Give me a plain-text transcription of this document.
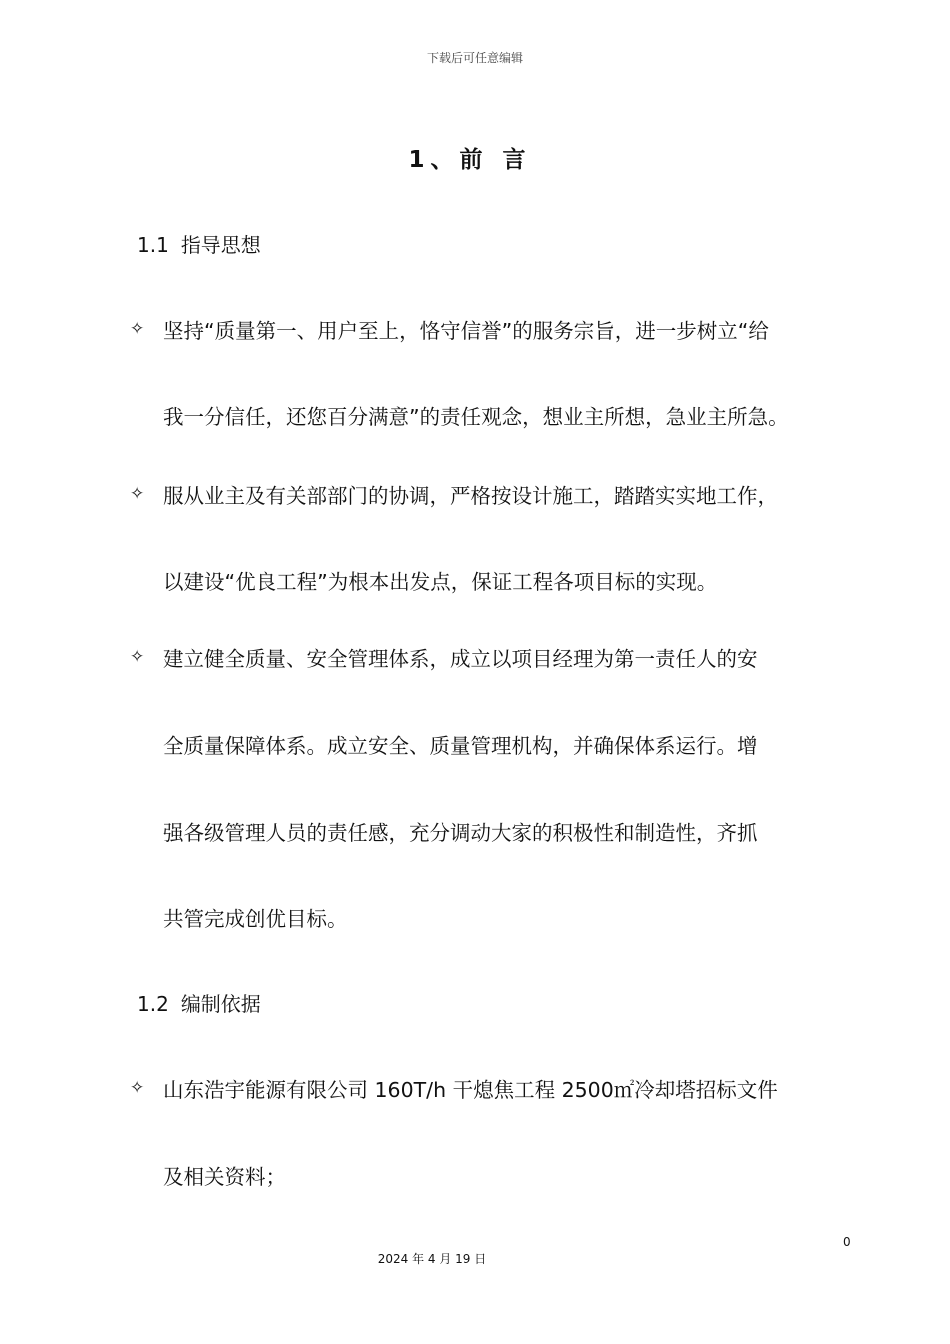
下载后可任意编辑
1、前 言
1.1 指导思想
✧ 坚持“质量第一、用户至上，恪守信誉”的服务宗旨，进一步树立“给
我一分信任，还您百分满意”的责任观念，想业主所想，急业主所急。
✧ 服从业主及有关部部门的协调，严格按设计施工，踏踏实实地工作，
以建设“优良工程”为根本出发点，保证工程各项目标的实现。
✧ 建立健全质量、安全管理体系，成立以项目经理为第一责任人的安
全质量保障体系。成立安全、质量管理机构，并确保体系运行。增
强各级管理人员的责任感，充分调动大家的积极性和制造性，齐抓
共管完成创优目标。
1.2 编制依据
✧ 山东浩宇能源有限公司 160T/h 干熄焦工程 2500㎡冷却塔招标文件
及相关资料；
0
2024 年 4 月 19 日
